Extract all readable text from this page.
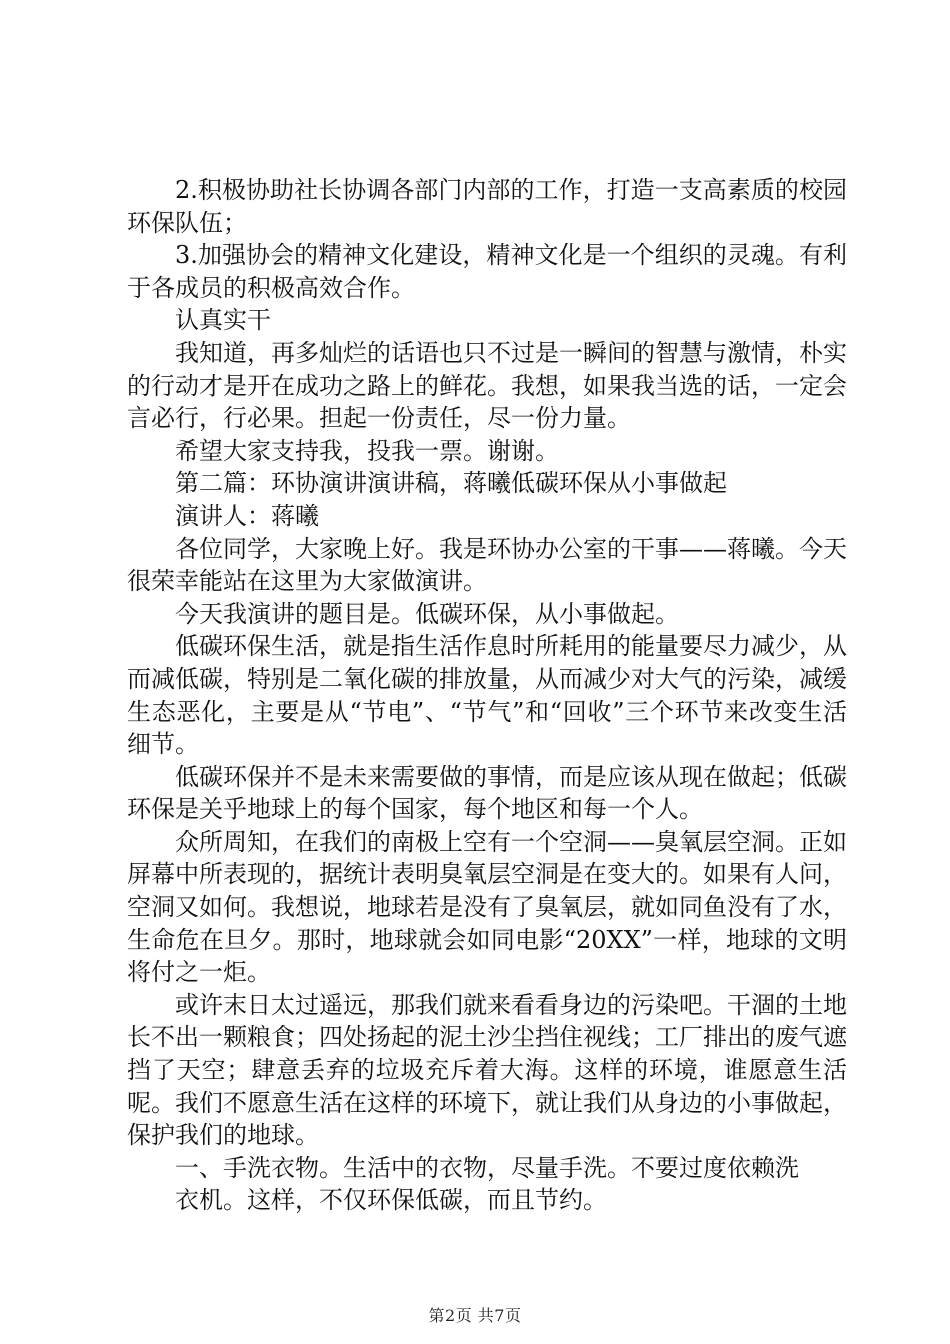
2.积极协助社长协调各部门内部的工作，打造一支高素质的校园环保队伍；

3.加强协会的精神文化建设，精神文化是一个组织的灵魂。有利于各成员的积极高效合作。

认真实干

我知道，再多灿烂的话语也只不过是一瞬间的智慧与激情，朴实的行动才是开在成功之路上的鲜花。我想，如果我当选的话，一定会言必行，行必果。担起一份责任，尽一份力量。

希望大家支持我，投我一票。谢谢。

第二篇：环协演讲演讲稿，蒋曦低碳环保从小事做起

演讲人：蒋曦

各位同学，大家晚上好。我是环协办公室的干事——蒋曦。今天很荣幸能站在这里为大家做演讲。

今天我演讲的题目是。低碳环保，从小事做起。

低碳环保生活，就是指生活作息时所耗用的能量要尽力减少，从而减低碳，特别是二氧化碳的排放量，从而减少对大气的污染，减缓生态恶化，主要是从“节电”、“节气”和“回收”三个环节来改变生活细节。

低碳环保并不是未来需要做的事情，而是应该从现在做起；低碳环保是关乎地球上的每个国家，每个地区和每一个人。

众所周知，在我们的南极上空有一个空洞——臭氧层空洞。正如屏幕中所表现的，据统计表明臭氧层空洞是在变大的。如果有人问，空洞又如何。我想说，地球若是没有了臭氧层，就如同鱼没有了水，生命危在旦夕。那时，地球就会如同电影“20XX”一样，地球的文明将付之一炬。

或许末日太过遥远，那我们就来看看身边的污染吧。干涸的土地长不出一颗粮食；四处扬起的泥土沙尘挡住视线；工厂排出的废气遮挡了天空；肆意丢弃的垃圾充斥着大海。这样的环境，谁愿意生活呢。我们不愿意生活在这样的环境下，就让我们从身边的小事做起，保护我们的地球。

一、手洗衣物。生活中的衣物，尽量手洗。不要过度依赖洗

衣机。这样，不仅环保低碳，而且节约。

第2页 共7页
